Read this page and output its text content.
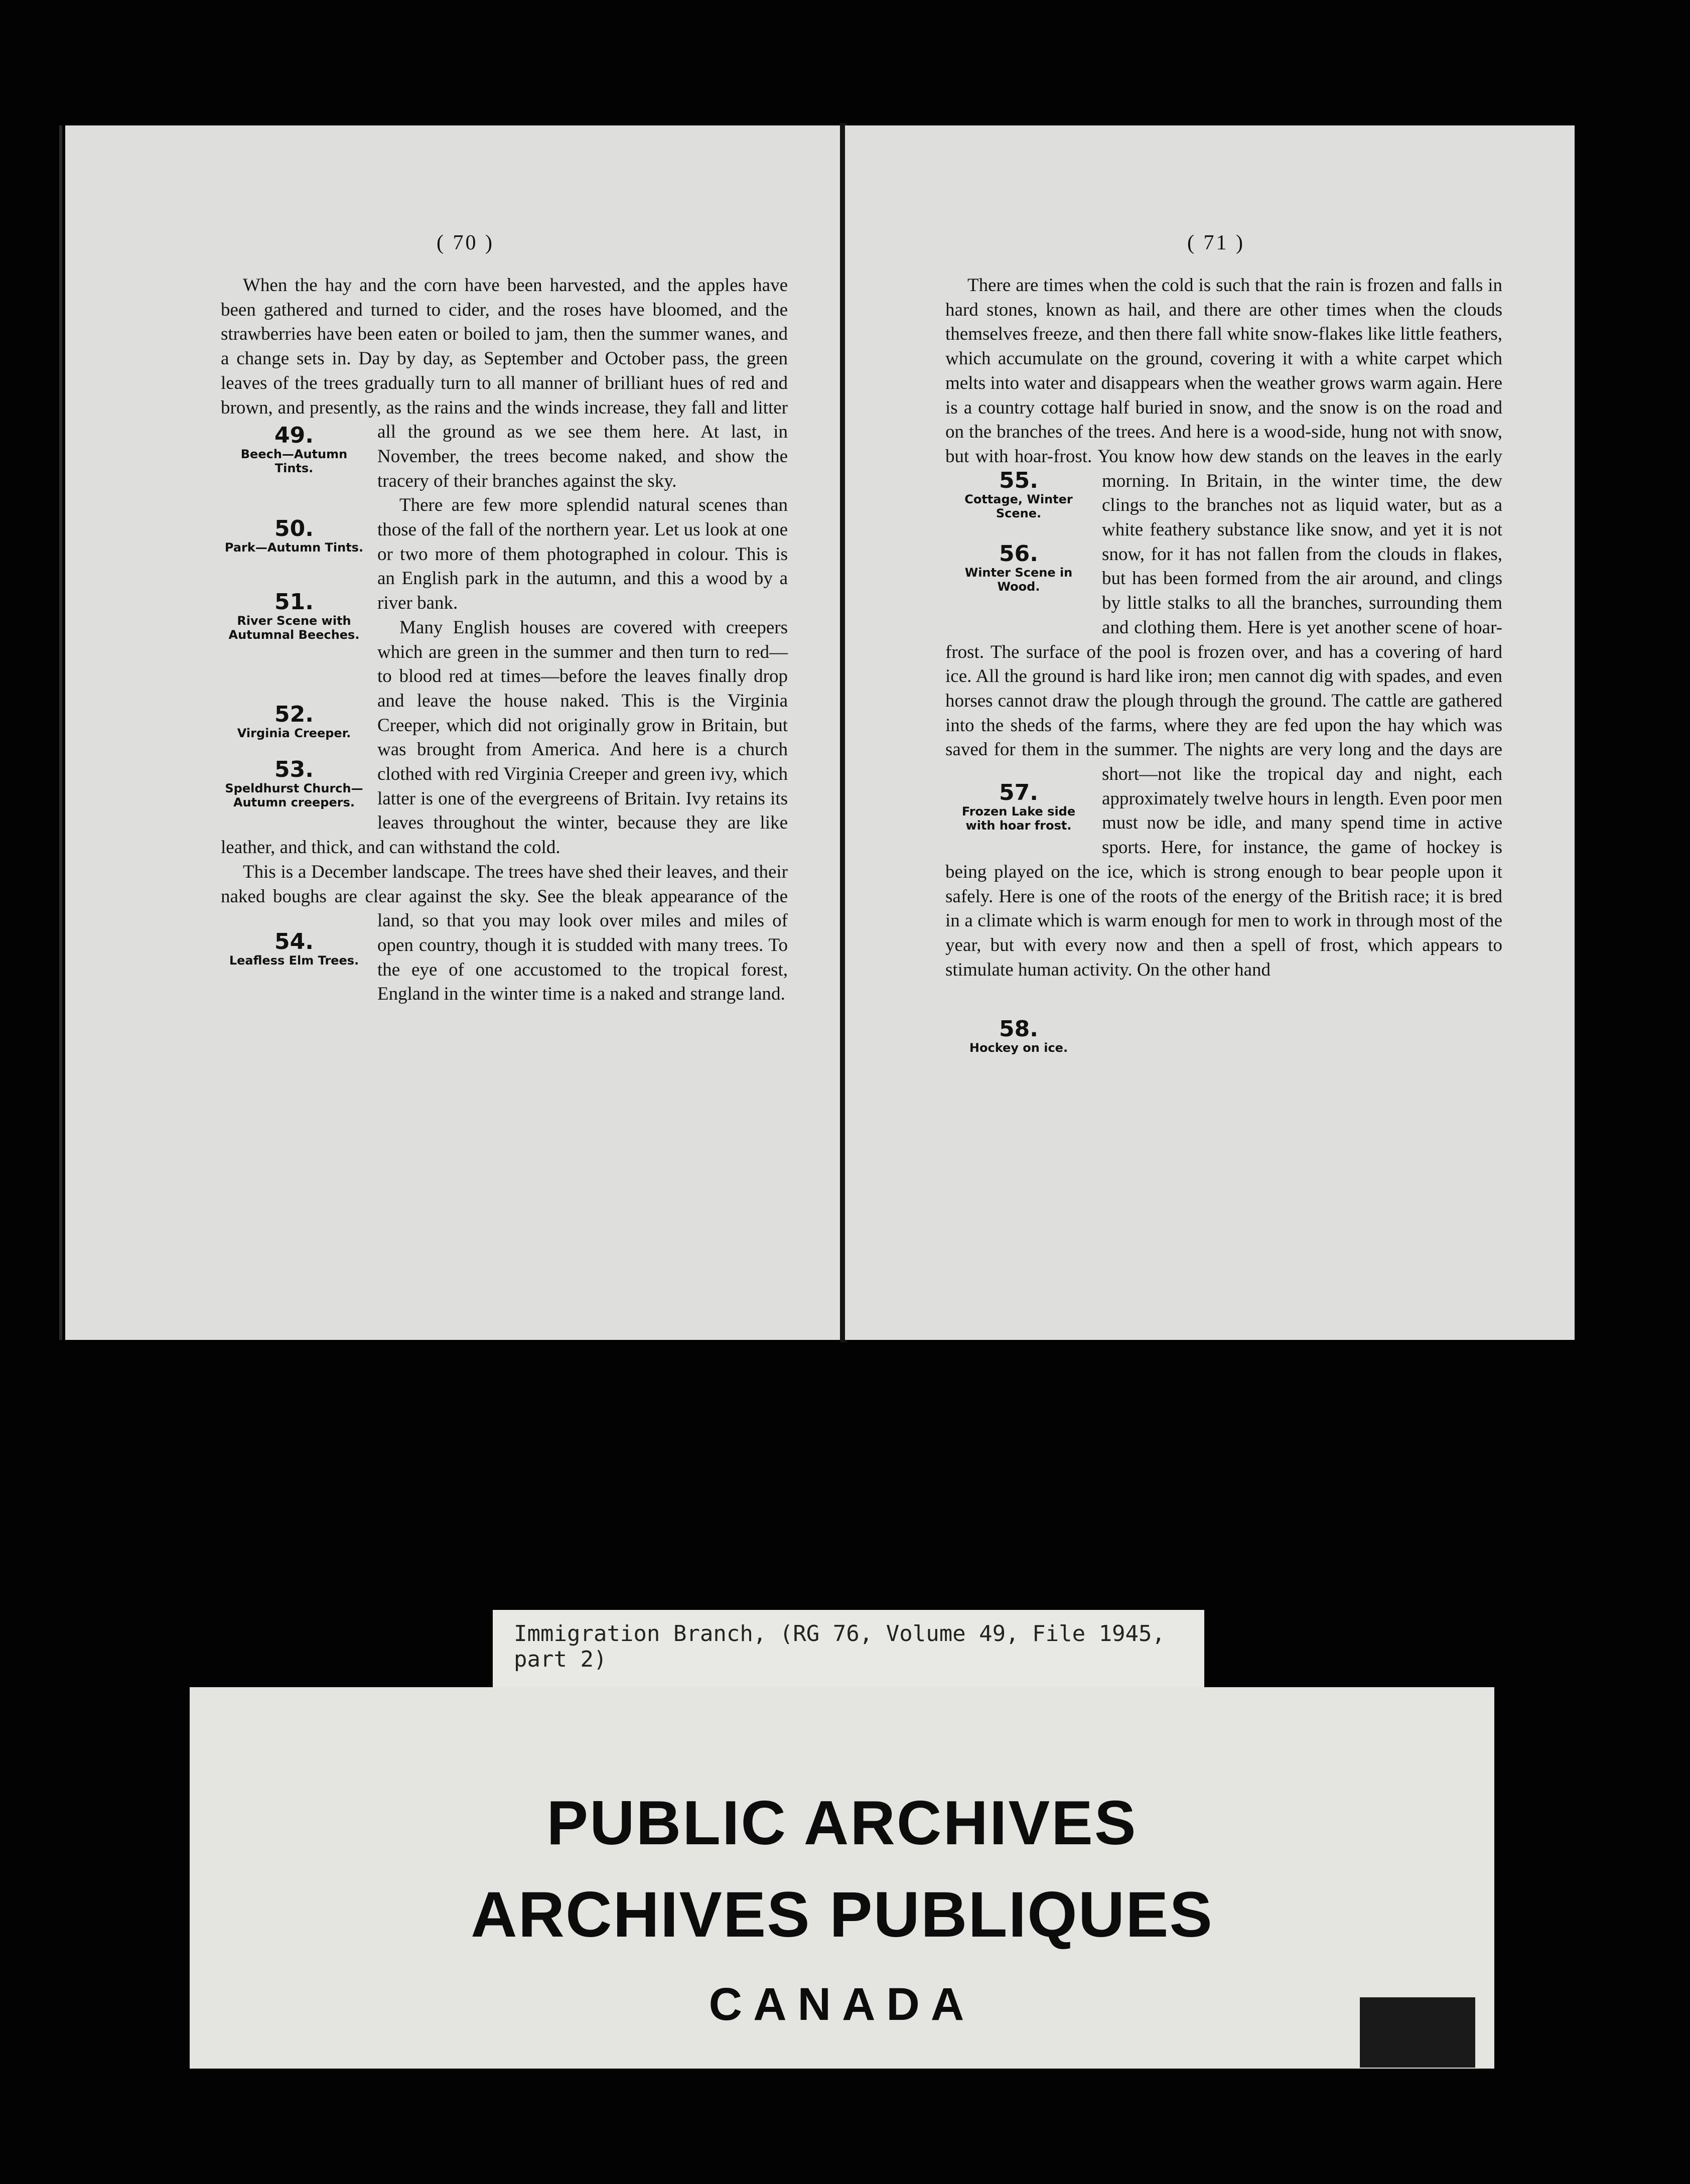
( 70 )
49.
Beech—Autumn Tints.

When the hay and the corn have been harvested, and the apples have been gathered and turned to cider, and the roses have bloomed, and the strawberries have been eaten or boiled to jam, then the summer wanes, and a change sets in. Day by day, as September and October pass, the green leaves of the trees gradually turn to all manner of brilliant hues of red and brown, and presently, as the rains and the winds increase, they fall and litter all the ground as we see them here. At last, in November, the trees become naked, and show the tracery of their branches against the sky.

50.
Park—Autumn Tints.
51.
River Scene with Autumnal Beeches.

There are few more splendid natural scenes than those of the fall of the northern year. Let us look at one or two more of them photographed in colour. This is an English park in the autumn, and this a wood by a river bank.

52.
Virginia Creeper.
53.
Speldhurst Church—Autumn creepers.

Many English houses are covered with creepers which are green in the summer and then turn to red—to blood red at times—before the leaves finally drop and leave the house naked. This is the Virginia Creeper, which did not originally grow in Britain, but was brought from America. And here is a church clothed with red Virginia Creeper and green ivy, which latter is one of the evergreens of Britain. Ivy retains its leaves throughout the winter, because they are like leather, and thick, and can withstand the cold.

54.
Leafless Elm Trees.

This is a December landscape. The trees have shed their leaves, and their naked boughs are clear against the sky. See the bleak appearance of the land, so that you may look over miles and miles of open country, though it is studded with many trees. To the eye of one accustomed to the tropical forest, England in the winter time is a naked and strange land.

( 71 )
55.
Cottage, Winter Scene.
56.
Winter Scene in Wood.
57.
Frozen Lake side with hoar frost.
58.
Hockey on ice.

There are times when the cold is such that the rain is frozen and falls in hard stones, known as hail, and there are other times when the clouds themselves freeze, and then there fall white snow-flakes like little feathers, which accumulate on the ground, covering it with a white carpet which melts into water and disappears when the weather grows warm again. Here is a country cottage half buried in snow, and the snow is on the road and on the branches of the trees. And here is a wood-side, hung not with snow, but with hoar-frost. You know how dew stands on the leaves in the early morning. In Britain, in the winter time, the dew clings to the branches not as liquid water, but as a white feathery substance like snow, and yet it is not snow, for it has not fallen from the clouds in flakes, but has been formed from the air around, and clings by little stalks to all the branches, surrounding them and clothing them. Here is yet another scene of hoar-frost. The surface of the pool is frozen over, and has a covering of hard ice. All the ground is hard like iron; men cannot dig with spades, and even horses cannot draw the plough through the ground. The cattle are gathered into the sheds of the farms, where they are fed upon the hay which was saved for them in the summer. The nights are very long and the days are short—not like the tropical day and night, each approximately twelve hours in length. Even poor men must now be idle, and many spend time in active sports. Here, for instance, the game of hockey is being played on the ice, which is strong enough to bear people upon it safely. Here is one of the roots of the energy of the British race; it is bred in a climate which is warm enough for men to work in through most of the year, but with every now and then a spell of frost, which appears to stimulate human activity. On the other hand

Immigration Branch, (RG 76, Volume 49, File 1945, part 2)
PUBLIC ARCHIVES
ARCHIVES PUBLIQUES
CANADA
